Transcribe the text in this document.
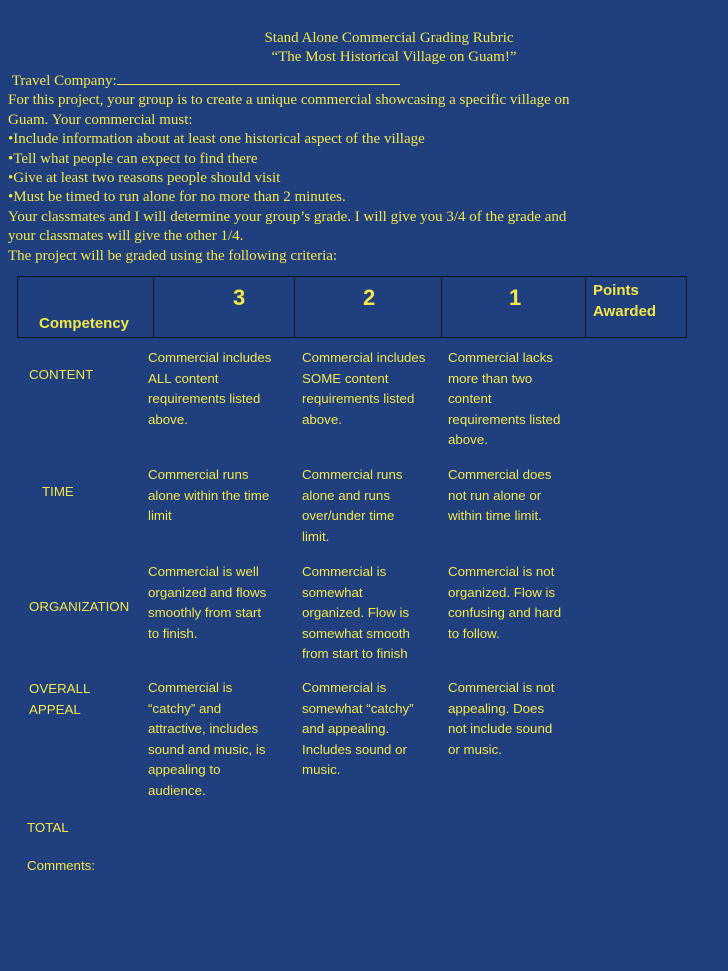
Stand Alone Commercial Grading Rubric
“The Most Historical Village on Guam!”
Travel Company:
For this project, your group is to create a unique commercial showcasing a specific village on
Guam. Your commercial must:
•Include information about at least one historical aspect of the village
•Tell what people can expect to find there
•Give at least two reasons people should visit
•Must be timed to run alone for no more than 2 minutes.
Your classmates and I will determine your group’s grade. I will give you 3/4 of the grade and
your classmates will give the other 1/4.
The project will be graded using the following criteria:
3	2	1
Competency
Points
Awarded
CONTENT
Commercial includes
ALL content
requirements listed
above.
Commercial includes
SOME content
requirements listed
above.
Commercial lacks
more than two
content
requirements listed
above.
TIME
Commercial runs
alone within the time
limit
Commercial runs
alone and runs
over/under time
limit.
Commercial does
not run alone or
within time limit.
ORGANIZATION
Commercial is well
organized and flows
smoothly from start
to finish.
Commercial is
somewhat
organized. Flow is
somewhat smooth
from start to finish
Commercial is not
organized. Flow is
confusing and hard
to follow.
OVERALL
APPEAL
Commercial is
“catchy” and
attractive, includes
sound and music, is
appealing to
audience.
Commercial is
somewhat “catchy”
and appealing.
Includes sound or
music.
Commercial is not
appealing. Does
not include sound
or music.
TOTAL
Comments:
